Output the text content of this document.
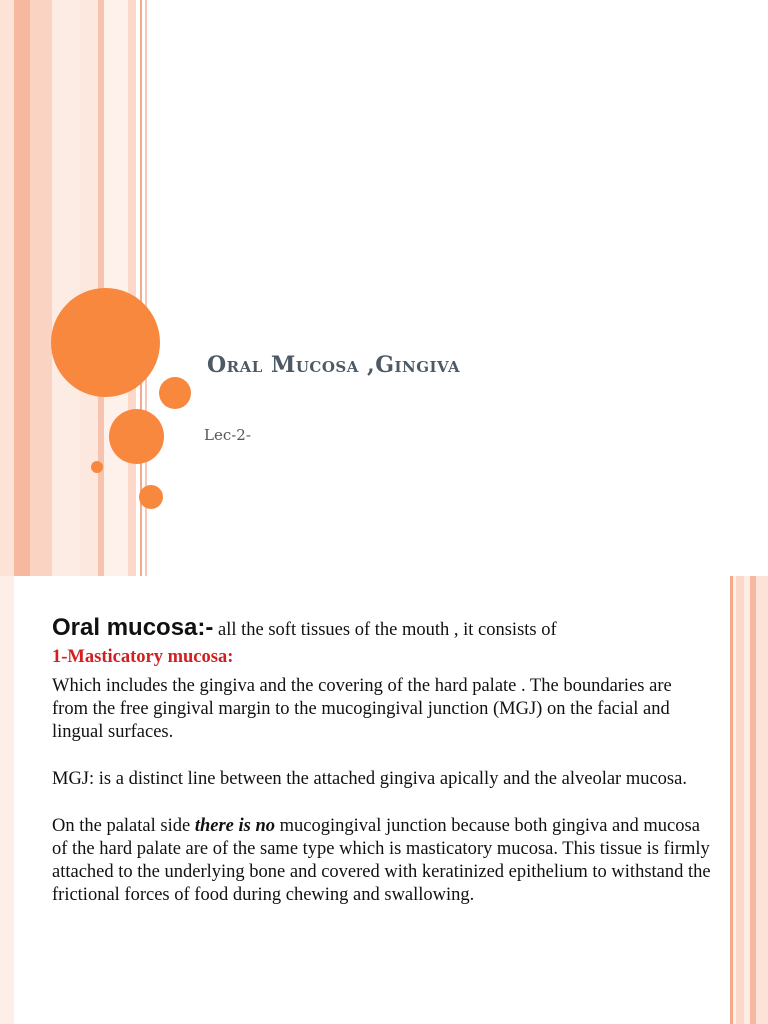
Oral Mucosa ,Gingiva

Lec-2-

Oral mucosa:- all the soft tissues of the mouth , it consists of

1-Masticatory mucosa:

Which includes the gingiva and the covering of the hard palate . The boundaries are from the free gingival margin to the mucogingival junction (MGJ) on the facial and lingual surfaces.

MGJ: is a distinct line between the attached gingiva apically and the alveolar mucosa.

On the palatal side there is no mucogingival junction because both gingiva and mucosa of the hard palate are of the same type which is masticatory mucosa. This tissue is firmly attached to the underlying bone and covered with keratinized epithelium to withstand the frictional forces of food during chewing and swallowing.
